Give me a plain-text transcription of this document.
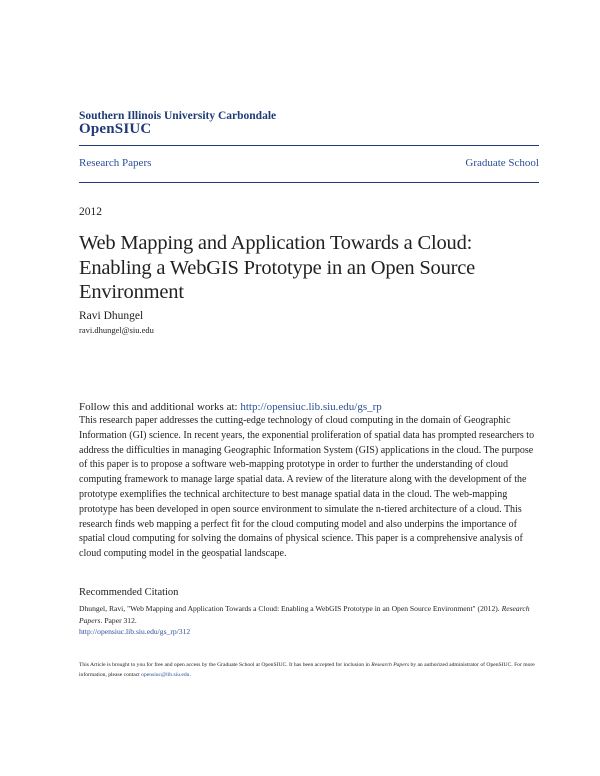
Southern Illinois University Carbondale
OpenSIUC
Research Papers	Graduate School
2012
Web Mapping and Application Towards a Cloud: Enabling a WebGIS Prototype in an Open Source Environment
Ravi Dhungel
ravi.dhungel@siu.edu
Follow this and additional works at: http://opensiuc.lib.siu.edu/gs_rp
This research paper addresses the cutting-edge technology of cloud computing in the domain of Geographic Information (GI) science. In recent years, the exponential proliferation of spatial data has prompted researchers to address the difficulties in managing Geographic Information System (GIS) applications in the cloud. The purpose of this paper is to propose a software web-mapping prototype in order to further the understanding of cloud computing framework to manage large spatial data. A review of the literature along with the development of the prototype exemplifies the technical architecture to best manage spatial data in the cloud. The web-mapping prototype has been developed in open source environment to simulate the n-tiered architecture of a cloud. This research finds web mapping a perfect fit for the cloud computing model and also underpins the importance of spatial cloud computing for solving the domains of physical science. This paper is a comprehensive analysis of cloud computing model in the geospatial landscape.
Recommended Citation
Dhungel, Ravi, "Web Mapping and Application Towards a Cloud: Enabling a WebGIS Prototype in an Open Source Environment" (2012). Research Papers. Paper 312.
http://opensiuc.lib.siu.edu/gs_rp/312
This Article is brought to you for free and open access by the Graduate School at OpenSIUC. It has been accepted for inclusion in Research Papers by an authorized administrator of OpenSIUC. For more information, please contact opensiuc@lib.siu.edu.
